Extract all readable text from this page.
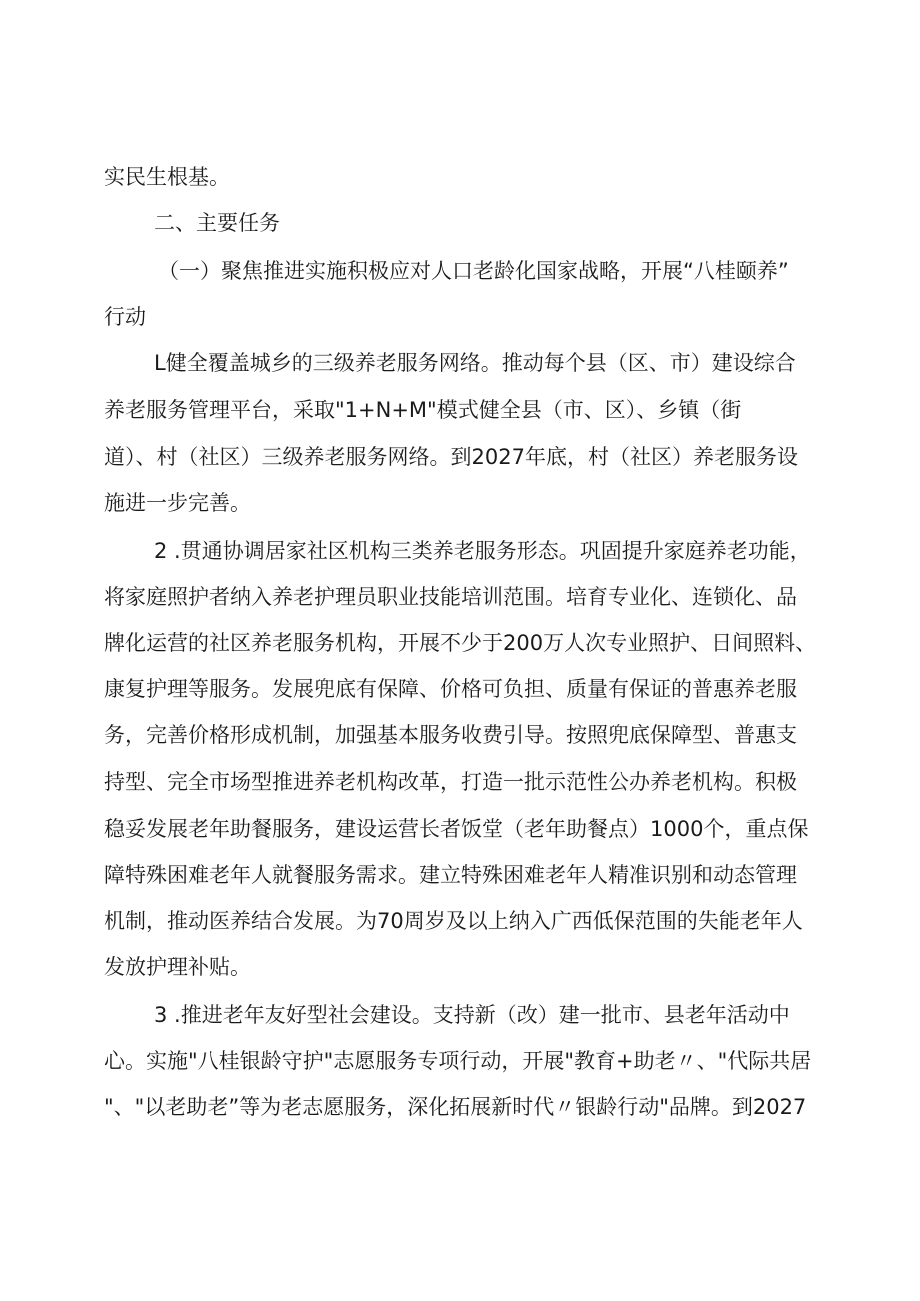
实民生根基。
二、主要任务
（一）聚焦推进实施积极应对人口老龄化国家战略，开展“八桂颐养”
行动
L健全覆盖城乡的三级养老服务网络。推动每个县（区、市）建设综合
养老服务管理平台，采取"1+N+M"模式健全县（市、区）、乡镇（街
道）、村（社区）三级养老服务网络。到2027年底，村（社区）养老服务设
施进一步完善。
2 .贯通协调居家社区机构三类养老服务形态。巩固提升家庭养老功能，
将家庭照护者纳入养老护理员职业技能培训范围。培育专业化、连锁化、品
牌化运营的社区养老服务机构，开展不少于200万人次专业照护、日间照料、
康复护理等服务。发展兜底有保障、价格可负担、质量有保证的普惠养老服
务，完善价格形成机制，加强基本服务收费引导。按照兜底保障型、普惠支
持型、完全市场型推进养老机构改革，打造一批示范性公办养老机构。积极
稳妥发展老年助餐服务，建设运营长者饭堂（老年助餐点）1000个，重点保
障特殊困难老年人就餐服务需求。建立特殊困难老年人精准识别和动态管理
机制，推动医养结合发展。为70周岁及以上纳入广西低保范围的失能老年人
发放护理补贴。
3 .推进老年友好型社会建设。支持新（改）建一批市、县老年活动中
心。实施"八桂银龄守护"志愿服务专项行动，开展"教育+助老〃、"代际共居
"、"以老助老”等为老志愿服务，深化拓展新时代〃银龄行动"品牌。到2027
